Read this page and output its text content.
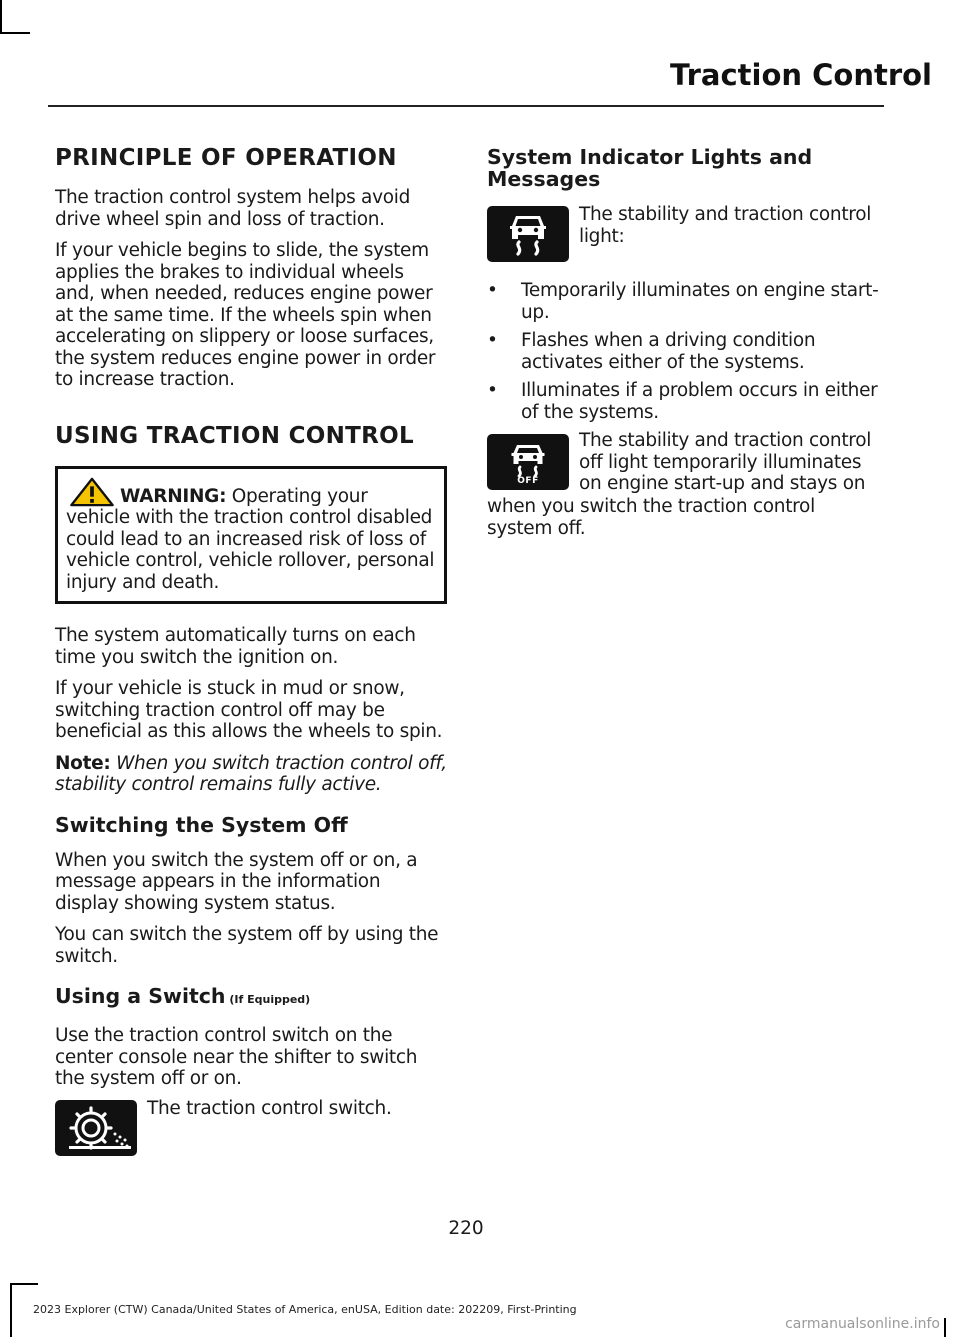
Traction Control
PRINCIPLE OF OPERATION

The traction control system helps avoid drive wheel spin and loss of traction.

If your vehicle begins to slide, the system applies the brakes to individual wheels and, when needed, reduces engine power at the same time. If the wheels spin when accelerating on slippery or loose surfaces, the system reduces engine power in order to increase traction.

USING TRACTION CONTROL

WARNING: Operating your vehicle with the traction control disabled could lead to an increased risk of loss of vehicle control, vehicle rollover, personal injury and death.

The system automatically turns on each time you switch the ignition on.

If your vehicle is stuck in mud or snow, switching traction control off may be beneficial as this allows the wheels to spin.

Note: When you switch traction control off, stability control remains fully active.

Switching the System Off

When you switch the system off or on, a message appears in the information display showing system status.

You can switch the system off by using the switch.

Using a Switch (If Equipped)

Use the traction control switch on the center console near the shifter to switch the system off or on.

The traction control switch.

System Indicator Lights and Messages

The stability and traction control light:

• Temporarily illuminates on engine start-up.
• Flashes when a driving condition activates either of the systems.
• Illuminates if a problem occurs in either of the systems.
OFF

The stability and traction control off light temporarily illuminates on engine start-up and stays on

when you switch the traction control system off.

220
2023 Explorer (CTW) Canada/United States of America, enUSA, Edition date: 202209, First-Printing
carmanualsonline.info
